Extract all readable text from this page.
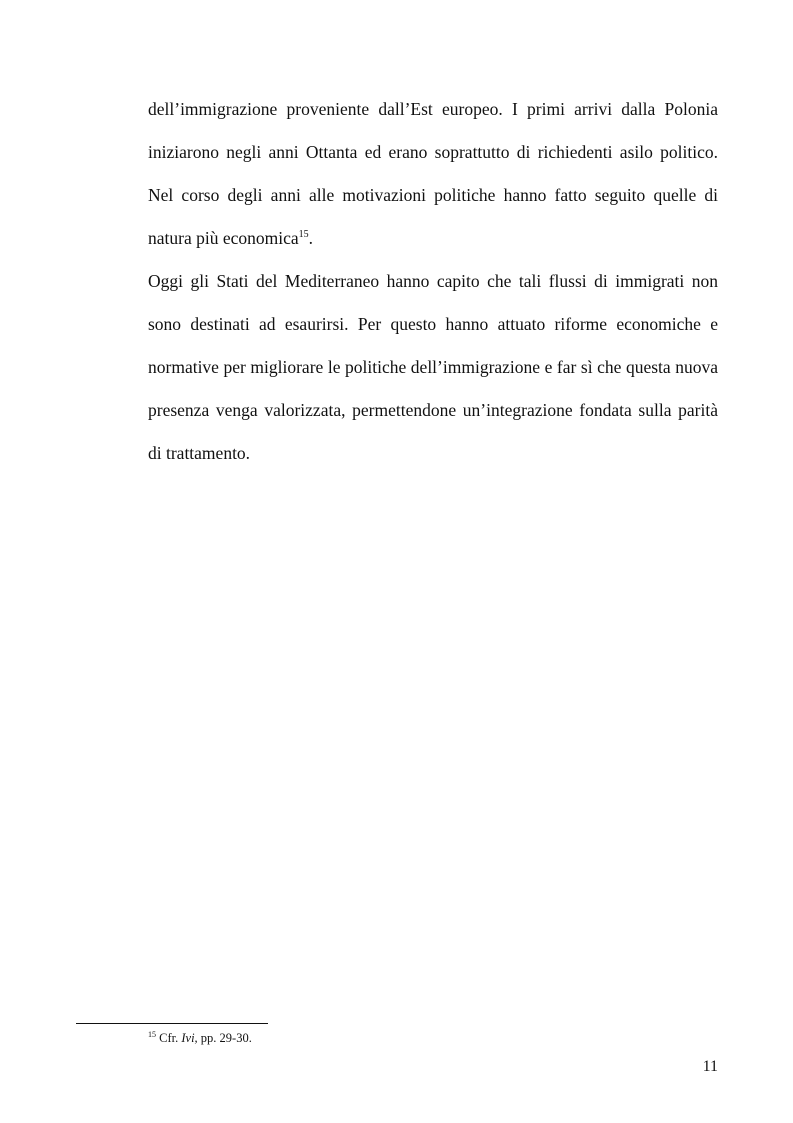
dell’immigrazione proveniente dall’Est europeo. I primi arrivi dalla Polonia iniziarono negli anni Ottanta ed erano soprattutto di richiedenti asilo politico. Nel corso degli anni alle motivazioni politiche hanno fatto seguito quelle di natura più economica$^{15}$.

Oggi gli Stati del Mediterraneo hanno capito che tali flussi di immigrati non sono destinati ad esaurirsi. Per questo hanno attuato riforme economiche e normative per migliorare le politiche dell’immigrazione e far sì che questa nuova presenza venga valorizzata, permettendone un’integrazione fondata sulla parità di trattamento.

$^{15}$ Cfr. Ivi, pp. 29-30.
11
